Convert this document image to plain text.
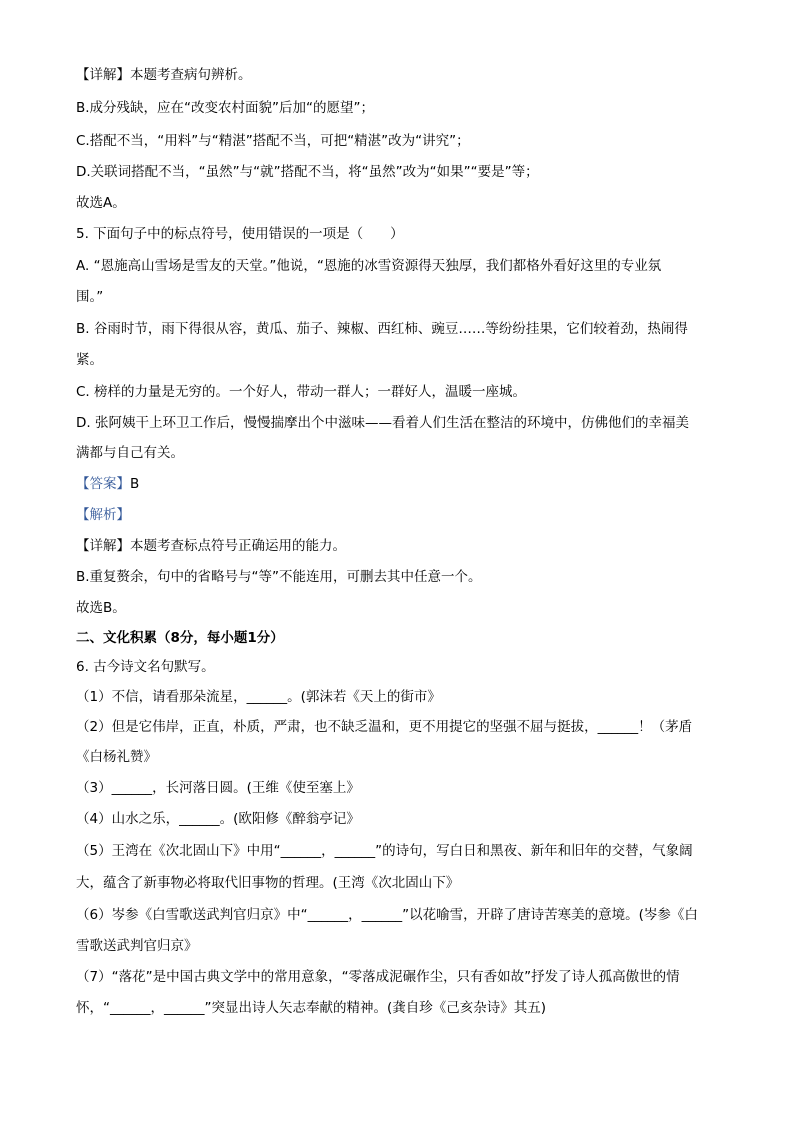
【详解】本题考查病句辨析。
B.成分残缺，应在“改变农村面貌”后加“的愿望”；
C.搭配不当，“用料”与“精湛”搭配不当，可把“精湛”改为“讲究”；
D.关联词搭配不当，“虽然”与“就”搭配不当，将“虽然”改为“如果”“要是”等；
故选A。
5. 下面句子中的标点符号，使用错误的一项是（　　）
A. “恩施高山雪场是雪友的天堂。”他说，“恩施的冰雪资源得天独厚，我们都格外看好这里的专业氛
围。”
B. 谷雨时节，雨下得很从容，黄瓜、茄子、辣椒、西红柿、豌豆……等纷纷挂果，它们较着劲，热闹得
紧。
C. 榜样的力量是无穷的。一个好人，带动一群人；一群好人，温暖一座城。
D. 张阿姨干上环卫工作后，慢慢揣摩出个中滋味——看着人们生活在整洁的环境中，仿佛他们的幸福美
满都与自己有关。
【答案】B
【解析】
【详解】本题考查标点符号正确运用的能力。
B.重复赘余，句中的省略号与“等”不能连用，可删去其中任意一个。
故选B。
二、文化积累（8分，每小题1分）
6. 古今诗文名句默写。
（1）不信，请看那朵流星，______。(郭沫若《天上的街市》
（2）但是它伟岸，正直，朴质，严肃，也不缺乏温和，更不用提它的坚强不屈与挺拔，______！（茅盾
《白杨礼赞》
（3）______，长河落日圆。(王维《使至塞上》
（4）山水之乐，______。(欧阳修《醉翁亭记》
（5）王湾在《次北固山下》中用“______，______”的诗句，写白日和黑夜、新年和旧年的交替，气象阔
大，蕴含了新事物必将取代旧事物的哲理。(王湾《次北固山下》
（6）岑参《白雪歌送武判官归京》中“______，______”以花喻雪，开辟了唐诗苦寒美的意境。(岑参《白
雪歌送武判官归京》
（7）“落花”是中国古典文学中的常用意象，“零落成泥碾作尘，只有香如故”抒发了诗人孤高傲世的情
怀，“______，______”突显出诗人矢志奉献的精神。(龚自珍《己亥杂诗》其五)
